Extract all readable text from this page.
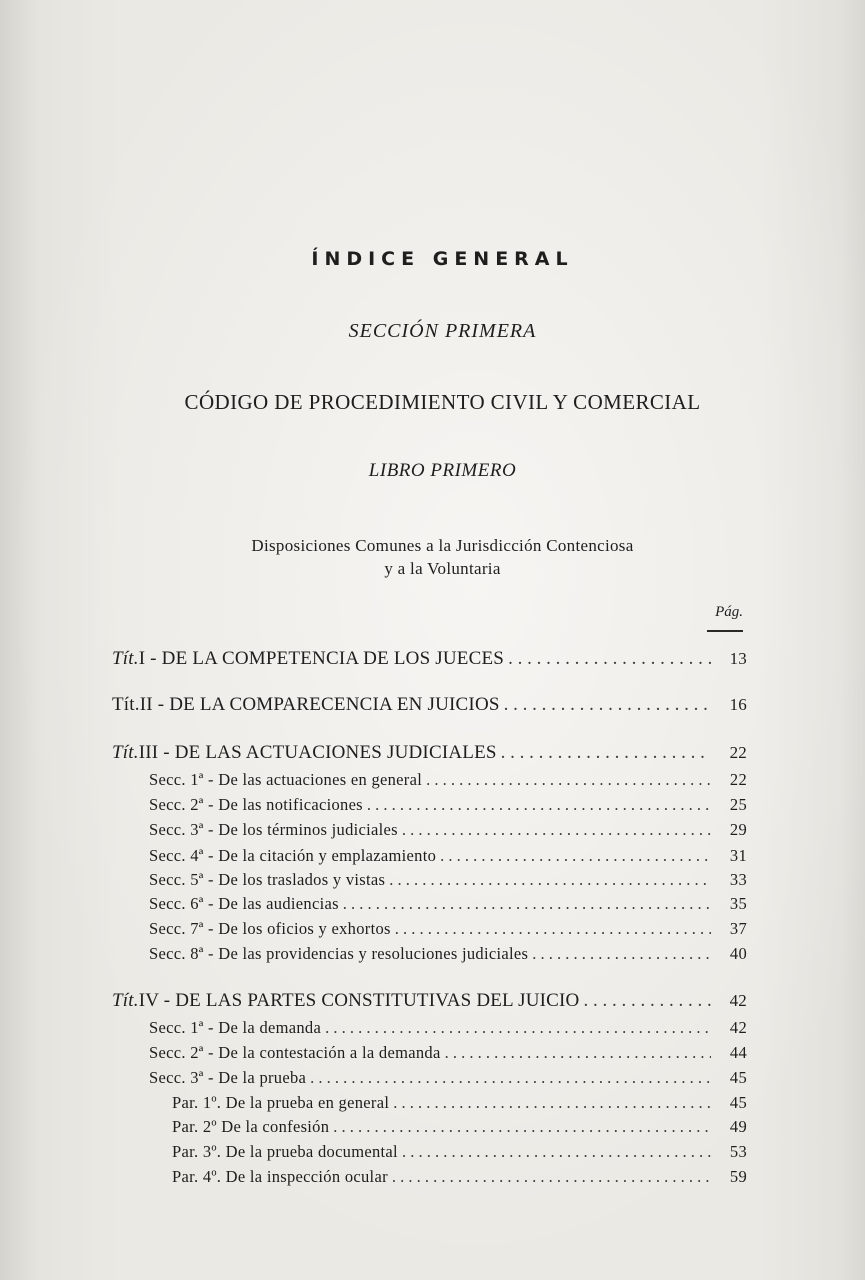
ÍNDICE GENERAL
SECCIÓN PRIMERA
CÓDIGO DE PROCEDIMIENTO CIVIL Y COMERCIAL
LIBRO PRIMERO
Disposiciones Comunes a la Jurisdicción Contenciosa
y a la Voluntaria
Pág.
Tít. I - DE LA COMPETENCIA DE LOS JUECES . . .	13
Tít. II - DE LA COMPARECENCIA EN JUICIOS . . .	16
Tít. III - DE LAS ACTUACIONES JUDICIALES . . .	22
Secc. 1ª - De las actuaciones en general . . .	22
Secc. 2ª - De las notificaciones . . .	25
Secc. 3ª - De los términos judiciales . . .	29
Secc. 4ª - De la citación y emplazamiento . . .	31
Secc. 5ª - De los traslados y vistas . . .	33
Secc. 6ª - De las audiencias . . .	35
Secc. 7ª - De los oficios y exhortos . . .	37
Secc. 8ª - De las providencias y resoluciones judiciales . . .	40
Tít. IV - DE LAS PARTES CONSTITUTIVAS DEL JUICIO . . .	42
Secc. 1ª - De la demanda . . .	42
Secc. 2ª - De la contestación a la demanda . . .	44
Secc. 3ª - De la prueba . . .	45
Par. 1º. De la prueba en general . . .	45
Par. 2º De la confesión . . .	49
Par. 3º. De la prueba documental . . .	53
Par. 4º. De la inspección ocular . . .	59
